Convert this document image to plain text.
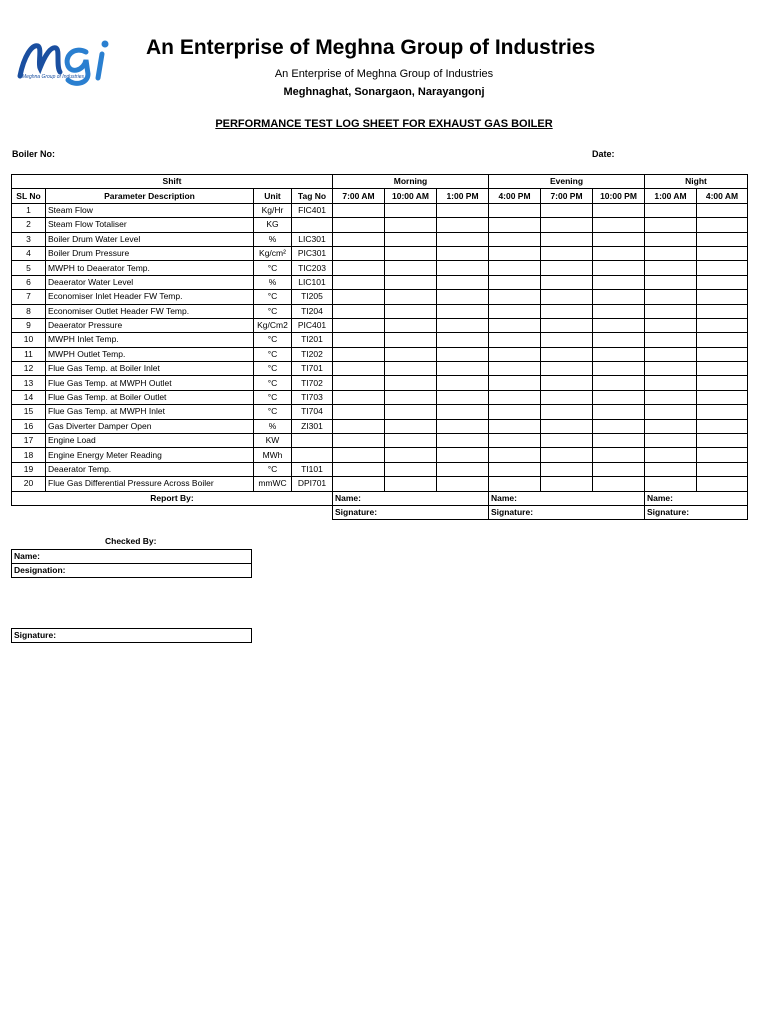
Meghna Group of Industries
An Enterprise of Meghna Group of Industries
An Enterprise of Meghna Group of Industries
Meghnaghat, Sonargaon, Narayangonj
PERFORMANCE TEST LOG SHEET FOR EXHAUST GAS BOILER
Boiler No:	Date:
Shift				Morning			Evening			Night	
SL No	Parameter Description	Unit	Tag No	7:00 AM	10:00 AM	1:00 PM	4:00 PM	7:00 PM	10:00 PM	1:00 AM	4:00 AM
1	Steam Flow	Kg/Hr	FIC401								
2	Steam Flow Totaliser	KG									
3	Boiler Drum Water Level	%	LIC301								
4	Boiler Drum Pressure	Kg/cm²	PIC301								
5	MWPH to Deaerator Temp.	°C	TIC203								
6	Deaerator Water Level	%	LIC101								
7	Economiser Inlet Header FW Temp.	°C	TI205								
8	Economiser Outlet Header FW Temp.	°C	TI204								
9	Deaerator Pressure	Kg/Cm2	PIC401								
10	MWPH Inlet Temp.	°C	TI201								
11	MWPH Outlet Temp.	°C	TI202								
12	Flue Gas Temp. at Boiler Inlet	°C	TI701								
13	Flue Gas Temp. at MWPH Outlet	°C	TI702								
14	Flue Gas Temp. at Boiler Outlet	°C	TI703								
15	Flue Gas Temp. at MWPH Inlet	°C	TI704								
16	Gas Diverter Damper Open	%	ZI301								
17	Engine Load	KW									
18	Engine Energy Meter Reading	MWh									
19	Deaerator Temp.	°C	TI101								
20	Flue Gas Differential Pressure Across Boiler	mmWC	DPI701								
Report By:				Name:			Name:			Name:	
				Signature:			Signature:			Signature:	
Checked By:
Name:
Designation:
Signature:
